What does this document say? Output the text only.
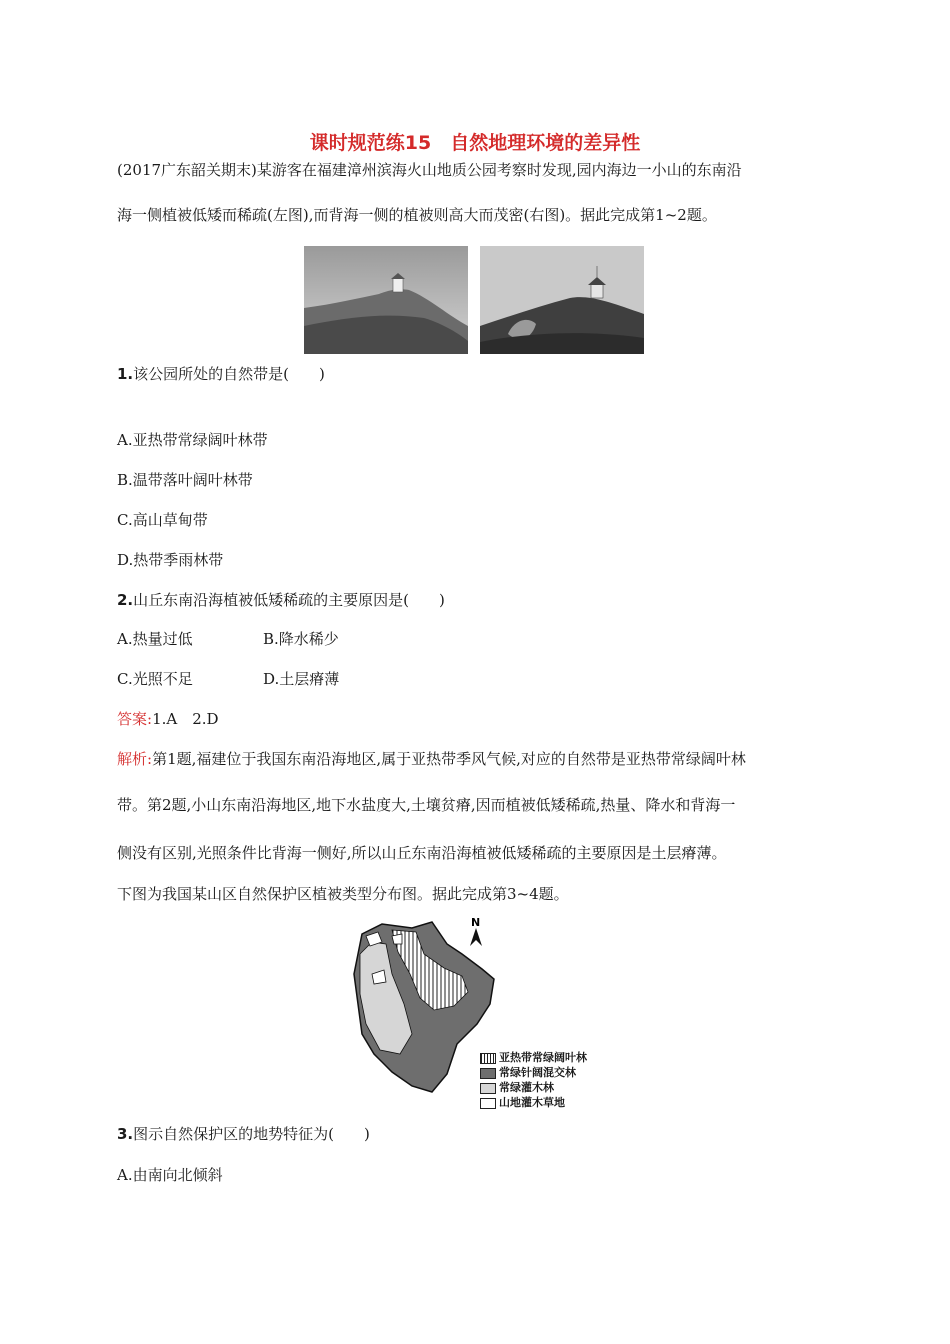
课时规范练15　自然地理环境的差异性
(2017广东韶关期末)某游客在福建漳州滨海火山地质公园考察时发现,园内海边一小山的东南沿
海一侧植被低矮而稀疏(左图),而背海一侧的植被则高大而茂密(右图)。据此完成第1~2题。
1.该公园所处的自然带是(　　)
A.亚热带常绿阔叶林带
B.温带落叶阔叶林带
C.高山草甸带
D.热带季雨林带
2.山丘东南沿海植被低矮稀疏的主要原因是(　　)
A.热量过低	B.降水稀少
C.光照不足	D.土层瘠薄
答案:1.A　2.D
解析:第1题,福建位于我国东南沿海地区,属于亚热带季风气候,对应的自然带是亚热带常绿阔叶林
带。第2题,小山东南沿海地区,地下水盐度大,土壤贫瘠,因而植被低矮稀疏,热量、降水和背海一
侧没有区别,光照条件比背海一侧好,所以山丘东南沿海植被低矮稀疏的主要原因是土层瘠薄。
下图为我国某山区自然保护区植被类型分布图。据此完成第3~4题。
N
亚热带常绿阔叶林
常绿针阔混交林
常绿灌木林
山地灌木草地
3.图示自然保护区的地势特征为(　　)
A.由南向北倾斜
